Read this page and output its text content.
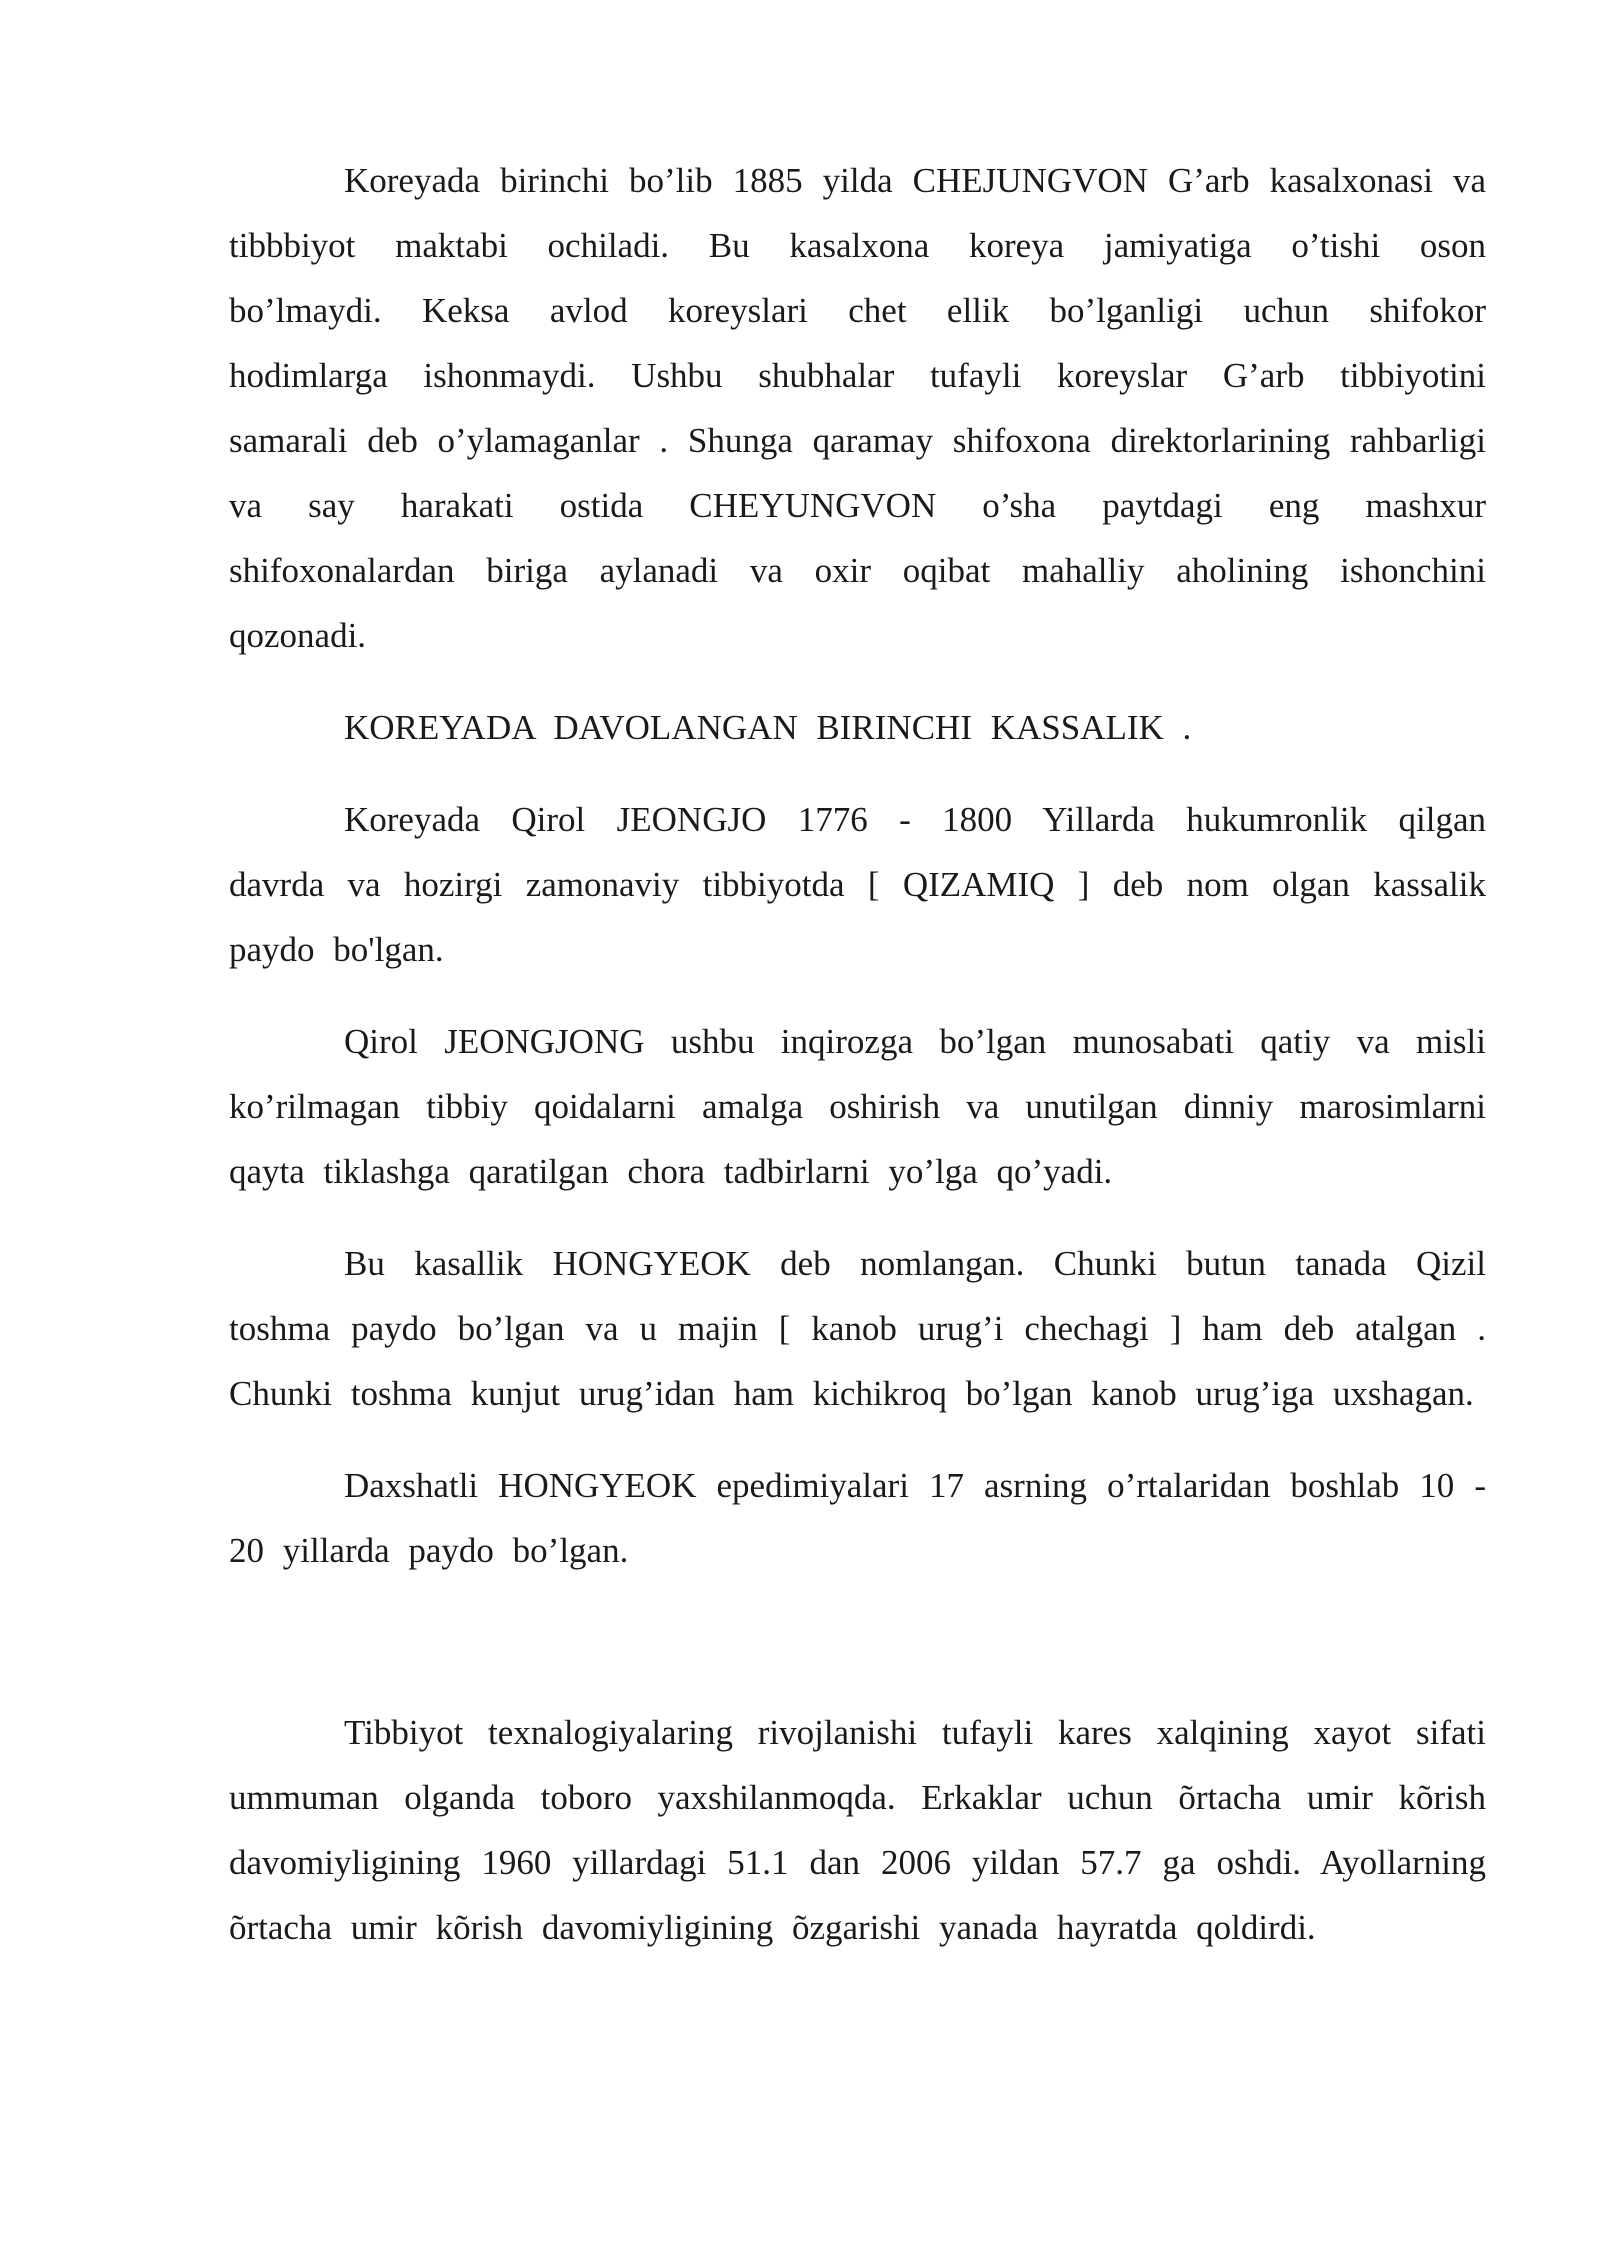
Koreyada birinchi bo’lib 1885 yilda CHEJUNGVON G’arb kasalxonasi va tibbbiyot maktabi ochiladi. Bu kasalxona koreya jamiyatiga o’tishi oson bo’lmaydi. Keksa avlod koreyslari chet ellik bo’lganligi uchun shifokor hodimlarga ishonmaydi. Ushbu shubhalar tufayli koreyslar G’arb tibbiyotini samarali deb o’ylamaganlar . Shunga qaramay shifoxona direktorlarining rahbarligi va say harakati ostida CHEYUNGVON o’sha paytdagi eng mashxur shifoxonalardan biriga aylanadi va oxir oqibat mahalliy aholining ishonchini qozonadi.

KOREYADA DAVOLANGAN BIRINCHI KASSALIK .

Koreyada Qirol JEONGJO 1776 - 1800 Yillarda hukumronlik qilgan davrda va hozirgi zamonaviy tibbiyotda [ QIZAMIQ ] deb nom olgan kassalik paydo bo'lgan.

Qirol JEONGJONG ushbu inqirozga bo’lgan munosabati qatiy va misli ko’rilmagan tibbiy qoidalarni amalga oshirish va unutilgan dinniy marosimlarni qayta tiklashga qaratilgan chora tadbirlarni yo’lga qo’yadi.

Bu kasallik HONGYEOK deb nomlangan. Chunki butun tanada Qizil toshma paydo bo’lgan va u majin [ kanob urug’i chechagi ] ham deb atalgan . Chunki toshma kunjut urug’idan ham kichikroq bo’lgan kanob urug’iga uxshagan.

Daxshatli HONGYEOK epedimiyalari 17 asrning o’rtalaridan boshlab 10 - 20 yillarda paydo bo’lgan.

Tibbiyot texnalogiyalaring rivojlanishi tufayli kares xalqining xayot sifati ummuman olganda toboro yaxshilanmoqda. Erkaklar uchun õrtacha umir kõrish davomiyligining 1960 yillardagi 51.1 dan 2006 yildan 57.7 ga oshdi. Ayollarning õrtacha umir kõrish davomiyligining õzgarishi yanada hayratda qoldirdi.
